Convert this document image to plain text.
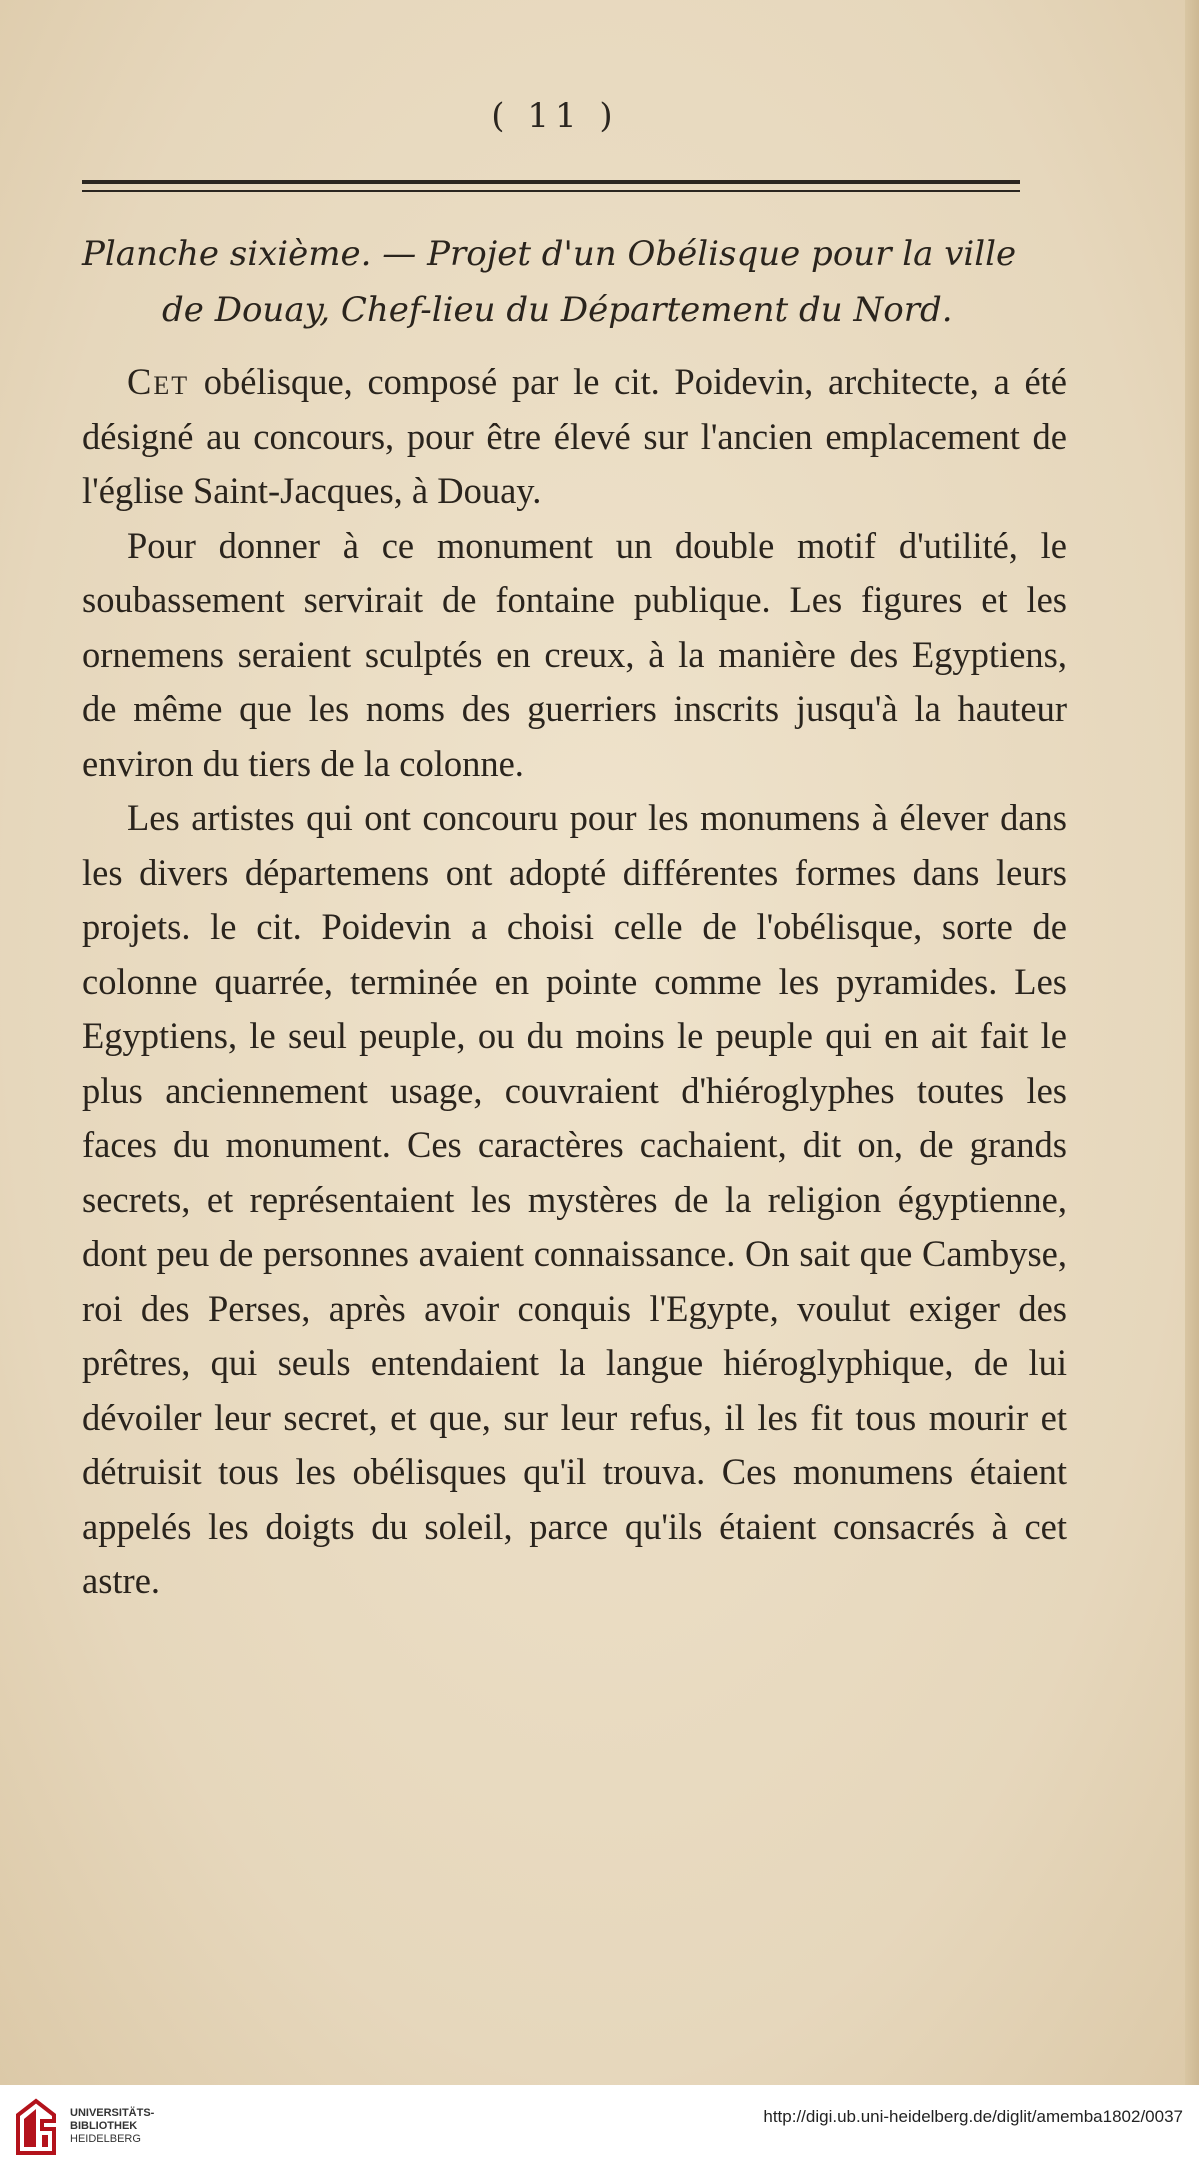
( 11 )
Planche sixième. — Projet d'un Obélisque pour la ville
de Douay, Chef-lieu du Département du Nord.

Cet obélisque, composé par le cit. Poidevin, architecte, a été désigné au concours, pour être élevé sur l'ancien emplacement de l'église Saint-Jacques, à Douay.

Pour donner à ce monument un double motif d'utilité, le soubassement servirait de fontaine publique. Les figures et les ornemens seraient sculptés en creux, à la manière des Egyptiens, de même que les noms des guerriers inscrits jusqu'à la hauteur environ du tiers de la colonne.

Les artistes qui ont concouru pour les monumens à élever dans les divers départemens ont adopté différentes formes dans leurs projets. le cit. Poidevin a choisi celle de l'obélisque, sorte de colonne quarrée, terminée en pointe comme les pyramides. Les Egyptiens, le seul peuple, ou du moins le peuple qui en ait fait le plus anciennement usage, couvraient d'hiéroglyphes toutes les faces du monument. Ces caractères cachaient, dit on, de grands secrets, et représentaient les mystères de la religion égyptienne, dont peu de personnes avaient connaissance. On sait que Cambyse, roi des Perses, après avoir conquis l'Egypte, voulut exiger des prêtres, qui seuls entendaient la langue hiéroglyphique, de lui dévoiler leur secret, et que, sur leur refus, il les fit tous mourir et détruisit tous les obélisques qu'il trouva. Ces monumens étaient appelés les doigts du soleil, parce qu'ils étaient consacrés à cet astre.

UNIVERSITÄTS-
BIBLIOTHEK
HEIDELBERG
http://digi.ub.uni-heidelberg.de/diglit/amemba1802/0037
